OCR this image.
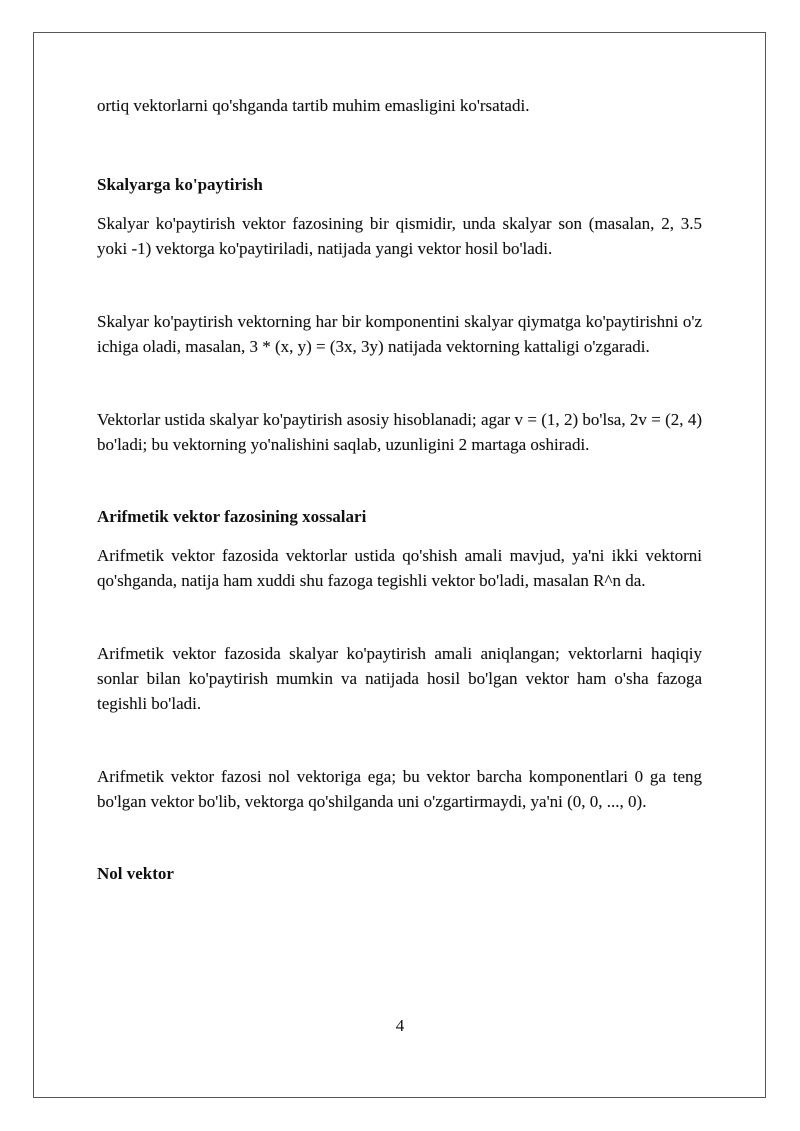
ortiq vektorlarni qo'shganda tartib muhim emasligini ko'rsatadi.

Skalyarga ko'paytirish

Skalyar ko'paytirish vektor fazosining bir qismidir, unda skalyar son (masalan, 2, 3.5 yoki -1) vektorga ko'paytiriladi, natijada yangi vektor hosil bo'ladi.

Skalyar ko'paytirish vektorning har bir komponentini skalyar qiymatga ko'paytirishni o'z ichiga oladi, masalan, 3 * (x, y) = (3x, 3y) natijada vektorning kattaligi o'zgaradi.

Vektorlar ustida skalyar ko'paytirish asosiy hisoblanadi; agar v = (1, 2) bo'lsa, 2v = (2, 4) bo'ladi; bu vektorning yo'nalishini saqlab, uzunligini 2 martaga oshiradi.

Arifmetik vektor fazosining xossalari

Arifmetik vektor fazosida vektorlar ustida qo'shish amali mavjud, ya'ni ikki vektorni qo'shganda, natija ham xuddi shu fazoga tegishli vektor bo'ladi, masalan R^n da.

Arifmetik vektor fazosida skalyar ko'paytirish amali aniqlangan; vektorlarni haqiqiy sonlar bilan ko'paytirish mumkin va natijada hosil bo'lgan vektor ham o'sha fazoga tegishli bo'ladi.

Arifmetik vektor fazosi nol vektoriga ega; bu vektor barcha komponentlari 0 ga teng bo'lgan vektor bo'lib, vektorga qo'shilganda uni o'zgartirmaydi, ya'ni (0, 0, ..., 0).

Nol vektor
4
